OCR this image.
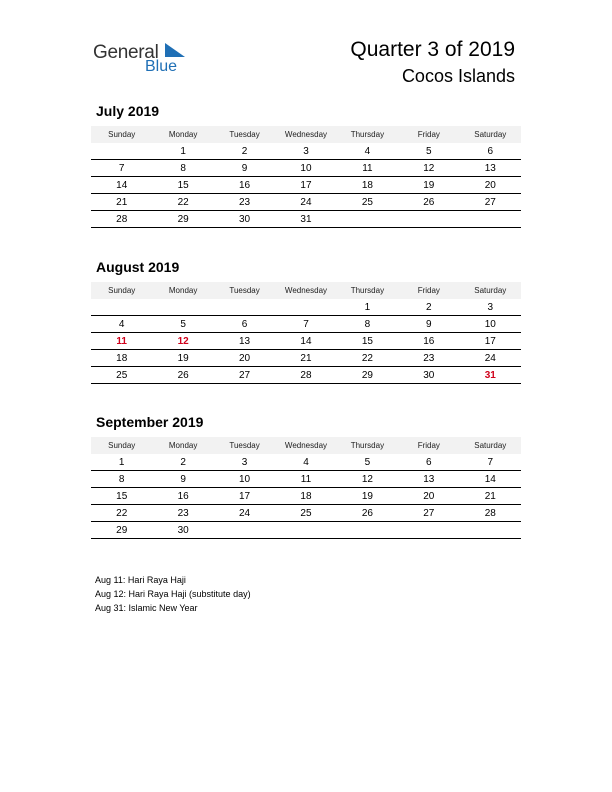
General
Blue
Quarter 3 of 2019
Cocos Islands
July 2019
Sunday	Monday	Tuesday	Wednesday	Thursday	Friday	Saturday
	1	2	3	4	5	6
7	8	9	10	11	12	13
14	15	16	17	18	19	20
21	22	23	24	25	26	27
28	29	30	31			
August 2019
Sunday	Monday	Tuesday	Wednesday	Thursday	Friday	Saturday
				1	2	3
4	5	6	7	8	9	10
11	12	13	14	15	16	17
18	19	20	21	22	23	24
25	26	27	28	29	30	31
September 2019
Sunday	Monday	Tuesday	Wednesday	Thursday	Friday	Saturday
1	2	3	4	5	6	7
8	9	10	11	12	13	14
15	16	17	18	19	20	21
22	23	24	25	26	27	28
29	30					
Aug 11: Hari Raya Haji
Aug 12: Hari Raya Haji (substitute day)
Aug 31: Islamic New Year
